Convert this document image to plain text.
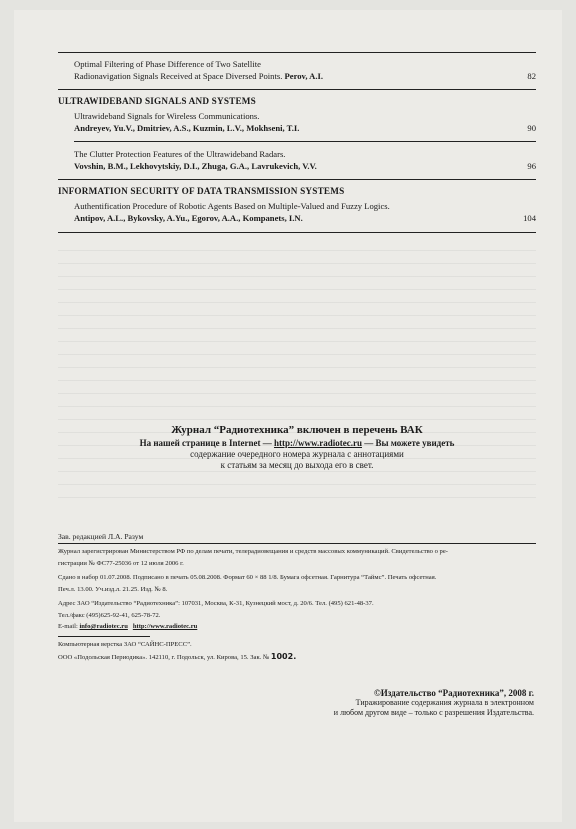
Optimal Filtering of Phase Difference of Two Satellite
Radionavigation Signals Received at Space Diversed Points. Perov, A.I.	82
ULTRAWIDEBAND SIGNALS AND SYSTEMS
Ultrawideband Signals for Wireless Communications.
Andreyev, Yu.V., Dmitriev, A.S., Kuzmin, L.V., Mokhseni, T.I.	90
The Clutter Protection Features of the Ultrawideband Radars.
Vovshin, B.M., Lekhovytskiy, D.I., Zhuga, G.A., Lavrukevich, V.V.	96
INFORMATION SECURITY OF DATA TRANSMISSION SYSTEMS
Authentification Procedure of Robotic Agents Based on Multiple-Valued and Fuzzy Logics.
Antipov, A.L., Bykovsky, A.Yu., Egorov, A.A., Kompanets, I.N.	104
Журнал “Радиотехника” включен в перечень ВАК
На нашей странице в Internet — http://www.radiotec.ru — Вы можете увидеть
содержание очередного номера журнала с аннотациями
к статьям за месяц до выхода его в свет.
Зав. редакцией Л.А. Разум
Журнал зарегистрирован Министерством РФ по делам печати, телерадиовещания и средств массовых коммуникаций. Свидетельство о ре-
гистрации № ФС77-25036 от 12 июля 2006 г.
Сдано в набор 01.07.2008. Подписано в печать 05.08.2008. Формат 60 × 88 1/8. Бумага офсетная. Гарнитура “Таймс”. Печать офсетная.
Печ.л. 13.00. Уч.изд.л. 21.25. Изд. № 8.
Адрес ЗАО “Издательство “Радиотехника”: 107031, Москва, К-31, Кузнецкий мост, д. 20/6. Тел. (495) 621-48-37.
Тел./факс (495)625-92-41, 625-78-72.
E-mail: info@radiotec.ru http://www.radiotec.ru
Компьютерная верстка ЗАО “САЙНС-ПРЕСС”.
ООО «Подольская Периодика». 142110, г. Подольск, ул. Кирова, 15. Зак. № 1002.
©Издательство “Радиотехника”, 2008 г.
Тиражирование содержания журнала в электронном
и любом другом виде – только с разрешения Издательства.
